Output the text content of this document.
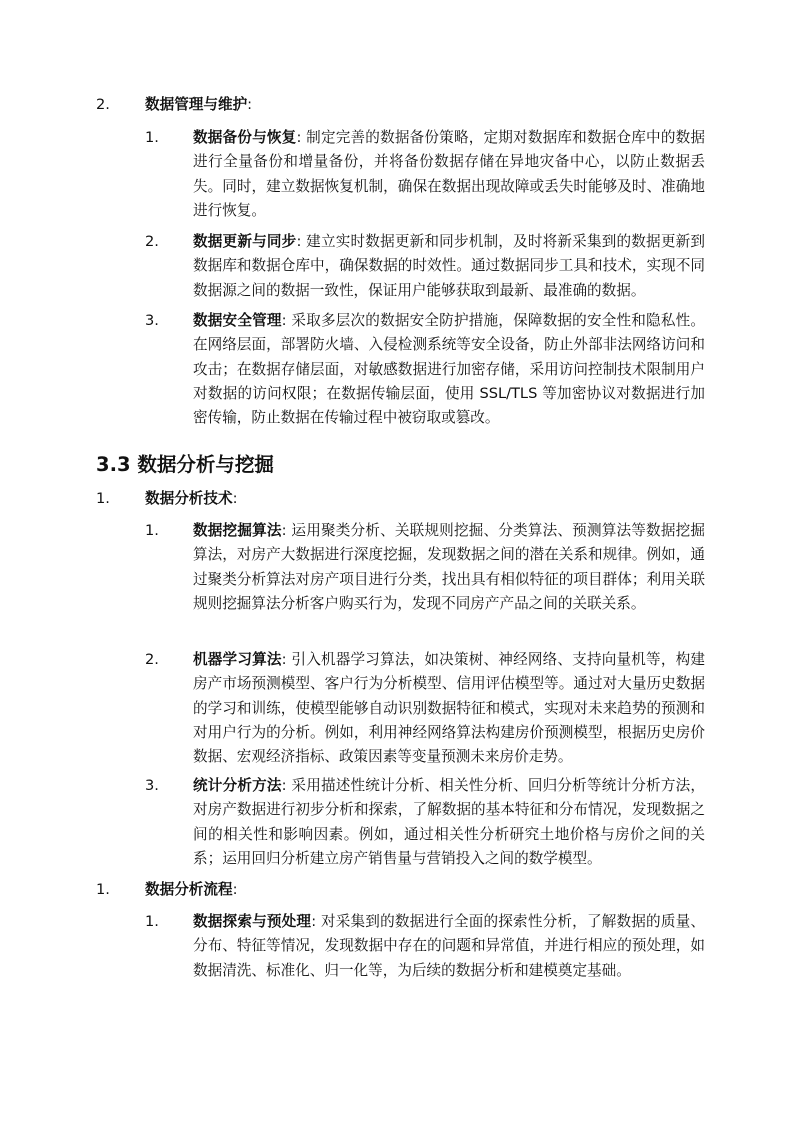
2. 数据管理与维护:
1. 数据备份与恢复: 制定完善的数据备份策略，定期对数据库和数据仓库中的数据进行全量备份和增量备份，并将备份数据存储在异地灾备中心，以防止数据丢失。同时，建立数据恢复机制，确保在数据出现故障或丢失时能够及时、准确地进行恢复。
2. 数据更新与同步: 建立实时数据更新和同步机制，及时将新采集到的数据更新到数据库和数据仓库中，确保数据的时效性。通过数据同步工具和技术，实现不同数据源之间的数据一致性，保证用户能够获取到最新、最准确的数据。
3. 数据安全管理: 采取多层次的数据安全防护措施，保障数据的安全性和隐私性。在网络层面，部署防火墙、入侵检测系统等安全设备，防止外部非法网络访问和攻击；在数据存储层面，对敏感数据进行加密存储，采用访问控制技术限制用户对数据的访问权限；在数据传输层面，使用 SSL/TLS 等加密协议对数据进行加密传输，防止数据在传输过程中被窃取或篡改。
3.3 数据分析与挖掘
1. 数据分析技术:
1. 数据挖掘算法: 运用聚类分析、关联规则挖掘、分类算法、预测算法等数据挖掘算法，对房产大数据进行深度挖掘，发现数据之间的潜在关系和规律。例如，通过聚类分析算法对房产项目进行分类，找出具有相似特征的项目群体；利用关联规则挖掘算法分析客户购买行为，发现不同房产产品之间的关联关系。
2. 机器学习算法: 引入机器学习算法，如决策树、神经网络、支持向量机等，构建房产市场预测模型、客户行为分析模型、信用评估模型等。通过对大量历史数据的学习和训练，使模型能够自动识别数据特征和模式，实现对未来趋势的预测和对用户行为的分析。例如，利用神经网络算法构建房价预测模型，根据历史房价数据、宏观经济指标、政策因素等变量预测未来房价走势。
3. 统计分析方法: 采用描述性统计分析、相关性分析、回归分析等统计分析方法，对房产数据进行初步分析和探索，了解数据的基本特征和分布情况，发现数据之间的相关性和影响因素。例如，通过相关性分析研究土地价格与房价之间的关系；运用回归分析建立房产销售量与营销投入之间的数学模型。
1. 数据分析流程:
1. 数据探索与预处理: 对采集到的数据进行全面的探索性分析，了解数据的质量、分布、特征等情况，发现数据中存在的问题和异常值，并进行相应的预处理，如数据清洗、标准化、归一化等，为后续的数据分析和建模奠定基础。
